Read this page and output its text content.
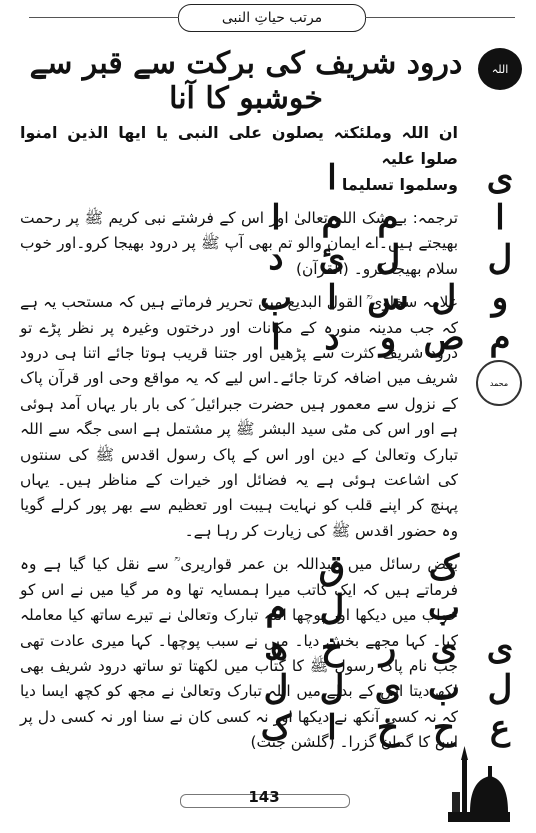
مرتب حیاتِ النبی
اللہ
درود شریف کی برکت سے قبر سے خوشبو کا آنا
مولای صل وسلم دائما ابدا
محمد
علی حبیبک خیر الخلق کلھم

ان اللہ وملئکتہ یصلون علی النبی یا ایھا الذین امنوا صلوا علیہ
وسلموا تسلیما

ترجمہ: بے شک اللہ تعالیٰ اور اس کے فرشتے نبی کریم ﷺ پر رحمت بھیجتے ہیں۔اے ایمان والو تم بھی آپ ﷺ پر درود بھیجا کرو۔اور خوب سلام بھیجا کرو۔ (القرآن)

علامہ سخاوی ؒ القول البدیع میں تحریر فرماتے ہیں کہ مستحب یہ ہے کہ جب مدینہ منورہ کے مکانات اور درختوں وغیرہ پر نظر پڑے تو درود شریف کثرت سے پڑھیں اور جتنا قریب ہوتا جائے اتنا ہی درود شریف میں اضافہ کرتا جائے۔اس لیے کہ یہ مواقع وحی اور قرآن پاک کے نزول سے معمور ہیں حضرت جبرائیل ؑ کی بار بار یہاں آمد ہوئی ہے اور اس کی مٹی سید البشر ﷺ پر مشتمل ہے اسی جگہ سے اللہ تبارک وتعالیٰ کے دین اور اس کے پاک رسول اقدس ﷺ کی سنتوں کی اشاعت ہوئی ہے یہ فضائل اور خیرات کے مناظر ہیں۔ یہاں پہنچ کر اپنے قلب کو نہایت ہیبت اور تعظیم سے بھر پور کرلے گویا وہ حضور اقدس ﷺ کی زیارت کر رہا ہے۔

بعض رسائل میں عبداللہ بن عمر قواریری ؒ سے نقل کیا گیا ہے وہ فرماتے ہیں کہ ایک کاتب میرا ہمسایہ تھا وہ مر گیا میں نے اس کو خواب میں دیکھا اور پوچھا اللہ تبارک وتعالیٰ نے تیرے ساتھ کیا معاملہ کیا۔ کہا مجھے بخش دیا۔ میں نے سبب پوچھا۔ کہا میری عادت تھی جب نام پاک رسول ﷺ کا کتاب میں لکھتا تو ساتھ درود شریف بھی لکھ دیتا اس کے بدلے میں اللہ تبارک وتعالیٰ نے مجھ کو کچھ ایسا دیا کہ نہ کسی آنکھ نے دیکھا اور نہ کسی کان نے سنا اور نہ کسی دل پر اس کا گمان گزرا۔ (گلشن جنت)

143
